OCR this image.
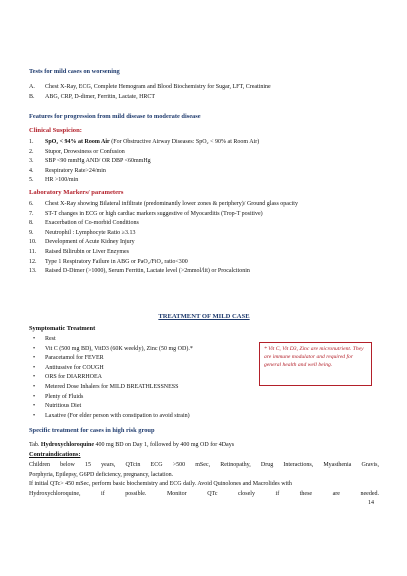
Tests for mild cases on worsening
A. Chest X-Ray, ECG, Complete Hemogram and Blood Biochemistry for Sugar, LFT, Creatinine
B. ABG, CRP, D-dimer, Ferritin, Lactate, HRCT
Features for progression from mild disease to moderate disease
Clinical Suspicion:
1. SpO₂ < 94% at Room Air (For Obstructive Airway Diseases: SpO₂ < 90% at Room Air)
2. Stupor, Drowsiness or Confusion
3. SBP <90 mmHg AND/ OR DBP <60mmHg
4. Respiratory Rate>24/min
5. HR >100/min
Laboratory Markers/ parameters
6. Chest X-Ray showing Bilateral infiltrate (predominantly lower zones & periphery)/ Ground glass opacity
7. ST-T changes in ECG or high cardiac markers suggestive of Myocarditis (Trop-T positive)
8. Exacerbation of Co-morbid Conditions
9. Neutrophil : Lymphocyte Ratio ≥3.13
10. Development of Acute Kidney Injury
11. Raised Bilirubin or Liver Enzymes
12. Type 1 Respiratory Failure in ABG or PaO₂/FiO₂ ratio<300
13. Raised D-Dimer (>1000), Serum Ferritin, Lactate level (>2mmol/lit) or Procalcitonin
TREATMENT OF MILD CASE
Symptomatic Treatment
• Rest
• Vit C (500 mg BD), VitD3 (60K weekly), Zinc (50 mg OD).*
• Paracetamol for FEVER
• Antitussive for COUGH
• ORS for DIARRHOEA
• Metered Dose Inhalers for MILD BREATHLESSNESS
• Plenty of Fluids
• Nutritious Diet
• Laxative (For elder person with constipation to avoid strain)
* Vit C, Vit D3, Zinc are micronutrient. They are immune modulator and required for general health and well being.
Specific treatment for cases in high risk group
Tab. Hydroxychloroquine 400 mg BD on Day 1, followed by 400 mg OD for 4Days
Contraindications:
Children below 15 years, QTcin ECG >500 mSec, Retinopathy, Drug Interactions, Myasthenia Gravis,
Porphyria, Epilepsy, G6PD deficiency, pregnancy, lactation.
If initial QTc> 450 mSec, perform basic biochemistry and ECG daily. Avoid Quinolones and Macrolides with
Hydroxychloroquine, if possible. Monitor QTc closely if these are needed.
14
